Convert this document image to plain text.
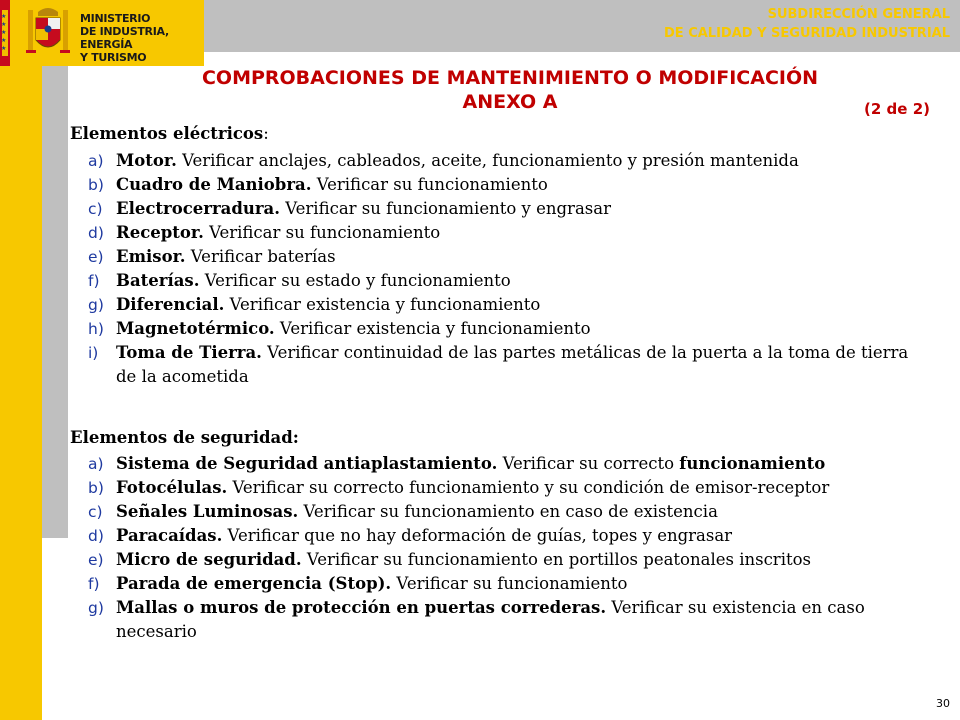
★
★
★
★
★
MINISTERIO
DE INDUSTRIA, ENERGÍA
Y TURISMO
SUBDIRECCIÓN GENERAL
DE CALIDAD Y SEGURIDAD INDUSTRIAL
COMPROBACIONES DE MANTENIMIENTO O MODIFICACIÓN
ANEXO A	(2 de 2)
Elementos eléctricos:
a) Motor. Verificar anclajes, cableados, aceite, funcionamiento y presión mantenida
b) Cuadro de Maniobra. Verificar su funcionamiento
c) Electrocerradura. Verificar su funcionamiento y engrasar
d) Receptor. Verificar su funcionamiento
e) Emisor. Verificar baterías
f) Baterías. Verificar su estado y funcionamiento
g) Diferencial. Verificar existencia y funcionamiento
h) Magnetotérmico. Verificar existencia y funcionamiento
i) Toma de Tierra. Verificar continuidad de las partes metálicas de la puerta a la toma de tierra de la acometida
Elementos de seguridad:
a) Sistema de Seguridad antiaplastamiento. Verificar su correcto funcionamiento
b) Fotocélulas. Verificar su correcto funcionamiento y su condición de emisor-receptor
c) Señales Luminosas. Verificar su funcionamiento en caso de existencia
d) Paracaídas. Verificar que no hay deformación de guías, topes y engrasar
e) Micro de seguridad. Verificar su funcionamiento en portillos peatonales inscritos
f) Parada de emergencia (Stop). Verificar su funcionamiento
g) Mallas o muros de protección en puertas correderas. Verificar su existencia en caso necesario
30
